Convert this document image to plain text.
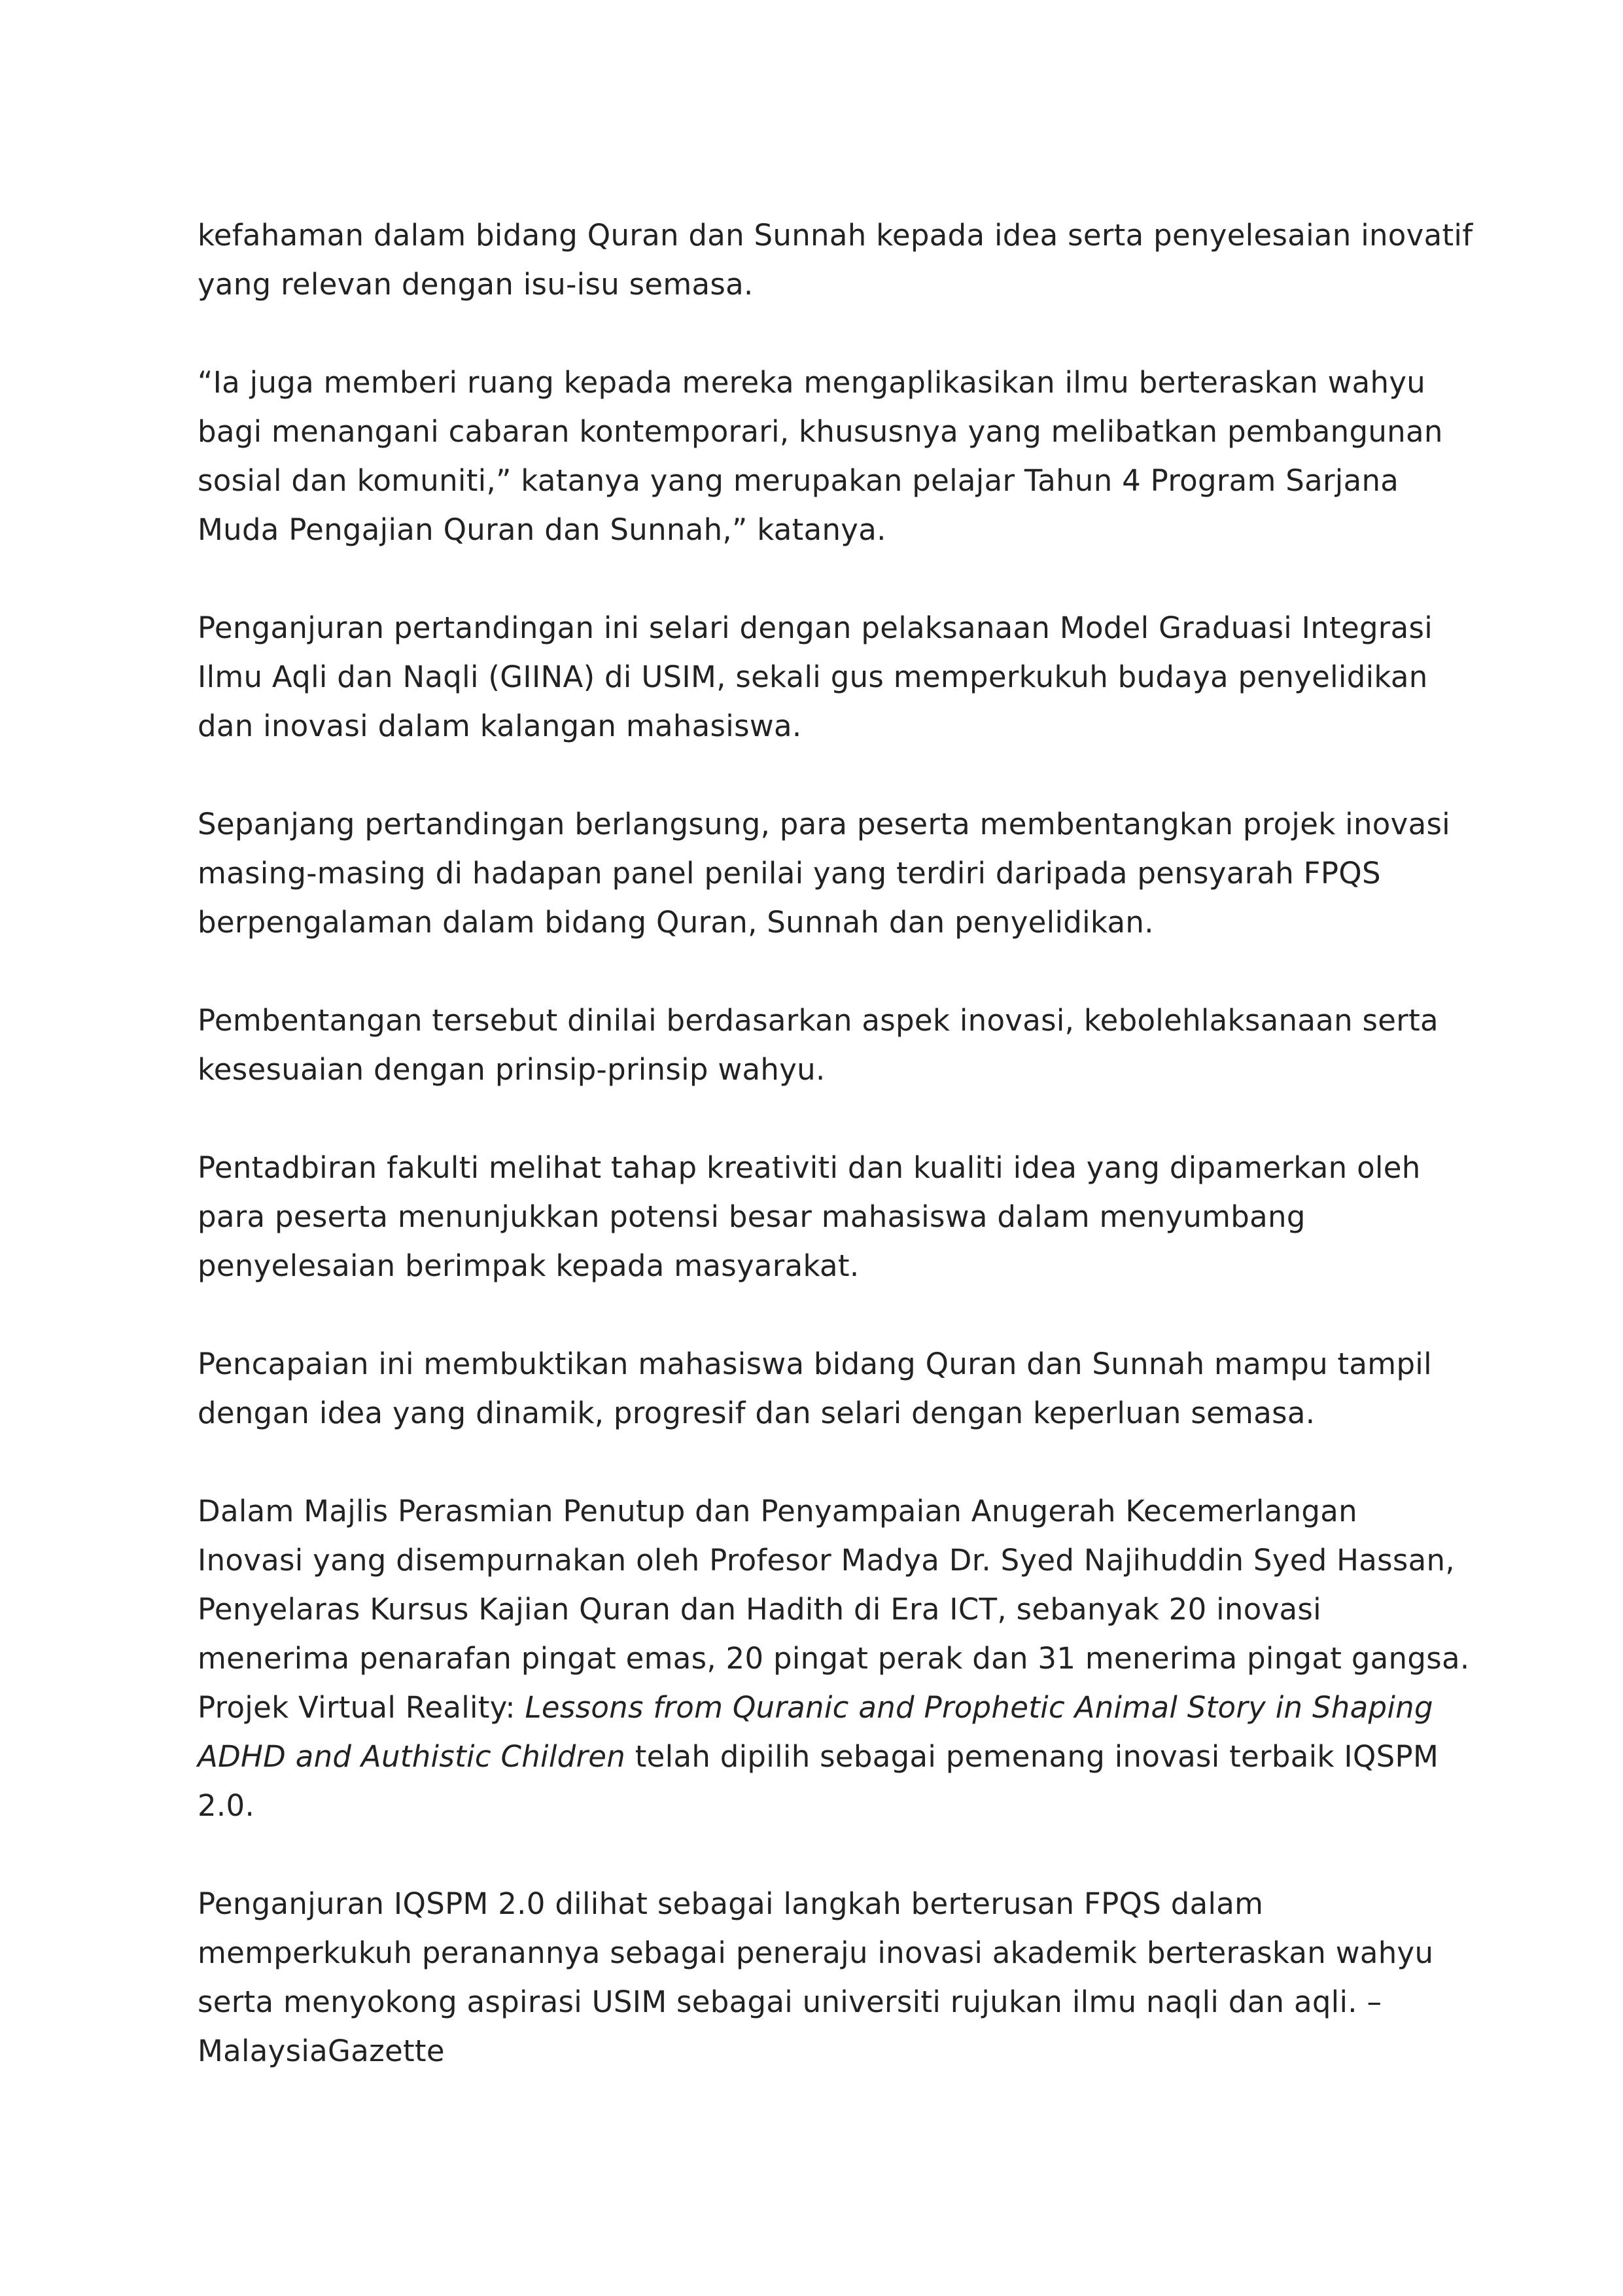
kefahaman dalam bidang Quran dan Sunnah kepada idea serta penyelesaian inovatif
yang relevan dengan isu-isu semasa.

“Ia juga memberi ruang kepada mereka mengaplikasikan ilmu berteraskan wahyu
bagi menangani cabaran kontemporari, khususnya yang melibatkan pembangunan
sosial dan komuniti,” katanya yang merupakan pelajar Tahun 4 Program Sarjana
Muda Pengajian Quran dan Sunnah,” katanya.

Penganjuran pertandingan ini selari dengan pelaksanaan Model Graduasi Integrasi
Ilmu Aqli dan Naqli (GIINA) di USIM, sekali gus memperkukuh budaya penyelidikan
dan inovasi dalam kalangan mahasiswa.

Sepanjang pertandingan berlangsung, para peserta membentangkan projek inovasi
masing-masing di hadapan panel penilai yang terdiri daripada pensyarah FPQS
berpengalaman dalam bidang Quran, Sunnah dan penyelidikan.

Pembentangan tersebut dinilai berdasarkan aspek inovasi, kebolehlaksanaan serta
kesesuaian dengan prinsip-prinsip wahyu.

Pentadbiran fakulti melihat tahap kreativiti dan kualiti idea yang dipamerkan oleh
para peserta menunjukkan potensi besar mahasiswa dalam menyumbang
penyelesaian berimpak kepada masyarakat.

Pencapaian ini membuktikan mahasiswa bidang Quran dan Sunnah mampu tampil
dengan idea yang dinamik, progresif dan selari dengan keperluan semasa.

Dalam Majlis Perasmian Penutup dan Penyampaian Anugerah Kecemerlangan
Inovasi yang disempurnakan oleh Profesor Madya Dr. Syed Najihuddin Syed Hassan,
Penyelaras Kursus Kajian Quran dan Hadith di Era ICT, sebanyak 20 inovasi
menerima penarafan pingat emas, 20 pingat perak dan 31 menerima pingat gangsa.
Projek Virtual Reality: Lessons from Quranic and Prophetic Animal Story in Shaping
ADHD and Authistic Children telah dipilih sebagai pemenang inovasi terbaik IQSPM
2.0.

Penganjuran IQSPM 2.0 dilihat sebagai langkah berterusan FPQS dalam
memperkukuh peranannya sebagai peneraju inovasi akademik berteraskan wahyu
serta menyokong aspirasi USIM sebagai universiti rujukan ilmu naqli dan aqli. –
MalaysiaGazette
